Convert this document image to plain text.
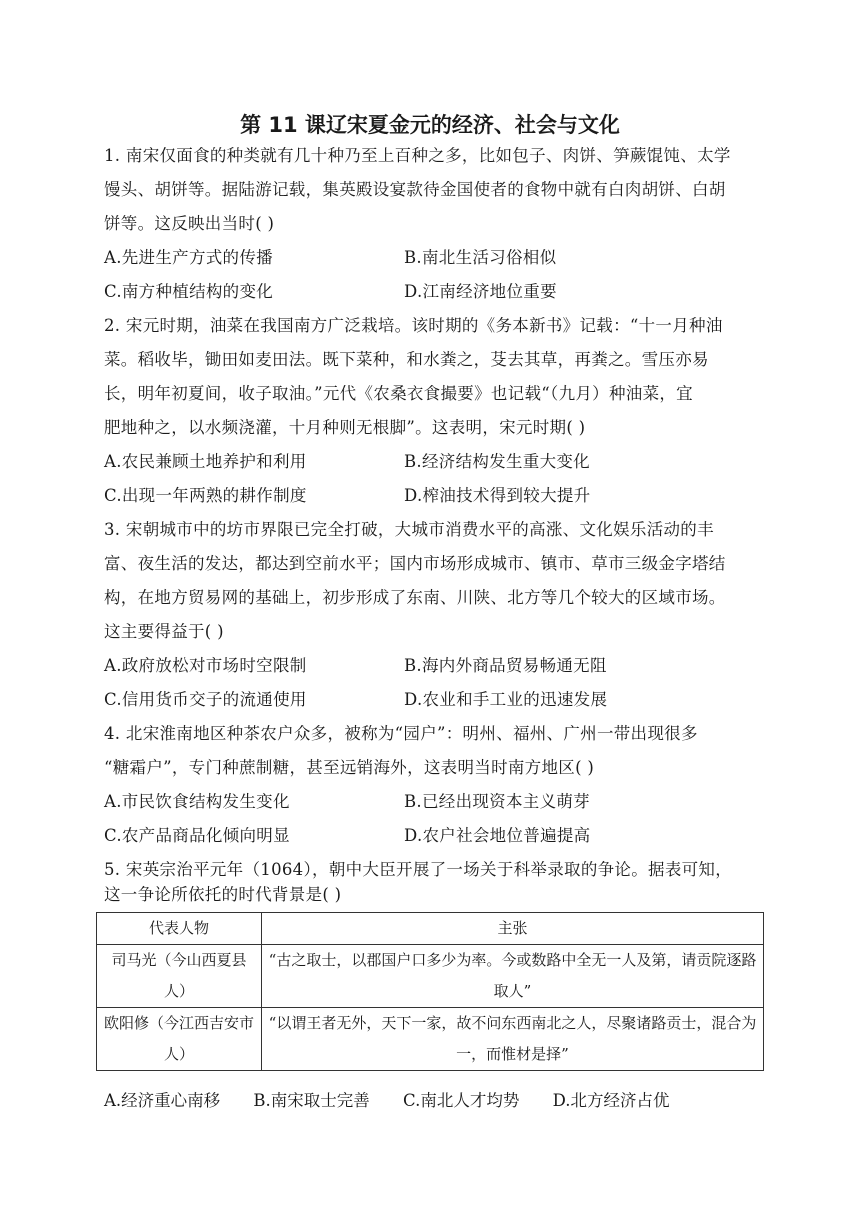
第 11 课辽宋夏金元的经济、社会与文化
1. 南宋仅面食的种类就有几十种乃至上百种之多，比如包子、肉饼、笋蕨馄饨、太学
馒头、胡饼等。据陆游记载，集英殿设宴款待金国使者的食物中就有白肉胡饼、白胡
饼等。这反映出当时( )
A.先进生产方式的传播	B.南北生活习俗相似
C.南方种植结构的变化	D.江南经济地位重要
2. 宋元时期，油菜在我国南方广泛栽培。该时期的《务本新书》记载：“十一月种油
菜。稻收毕，锄田如麦田法。既下菜种，和水粪之，芟去其草，再粪之。雪压亦易
长，明年初夏间，收子取油。”元代《农桑衣食撮要》也记载“（九月）种油菜，宜
肥地种之，以水频浇灌，十月种则无根脚”。这表明，宋元时期( )
A.农民兼顾土地养护和利用	B.经济结构发生重大变化
C.出现一年两熟的耕作制度	D.榨油技术得到较大提升
3. 宋朝城市中的坊市界限已完全打破，大城市消费水平的高涨、文化娱乐活动的丰
富、夜生活的发达，都达到空前水平；国内市场形成城市、镇市、草市三级金字塔结
构，在地方贸易网的基础上，初步形成了东南、川陕、北方等几个较大的区域市场。
这主要得益于( )
A.政府放松对市场时空限制	B.海内外商品贸易畅通无阻
C.信用货币交子的流通使用	D.农业和手工业的迅速发展
4. 北宋淮南地区种茶农户众多，被称为“园户”：明州、福州、广州一带出现很多
“糖霜户”，专门种蔗制糖，甚至远销海外，这表明当时南方地区( )
A.市民饮食结构发生变化	B.已经出现资本主义萌芽
C.农产品商品化倾向明显	D.农户社会地位普遍提高
5. 宋英宗治平元年（1064），朝中大臣开展了一场关于科举录取的争论。据表可知，
这一争论所依托的时代背景是( )
代表人物	主张
司马光（今山西夏县人）	“古之取士，以郡国户口多少为率。今或数路中全无一人及第，请贡院逐路取人”
欧阳修（今江西吉安市人）	“以谓王者无外，天下一家，故不问东西南北之人，尽聚诸路贡士，混合为一，而惟材是择”
A.经济重心南移 B.南宋取士完善 C.南北人才均势 D.北方经济占优
